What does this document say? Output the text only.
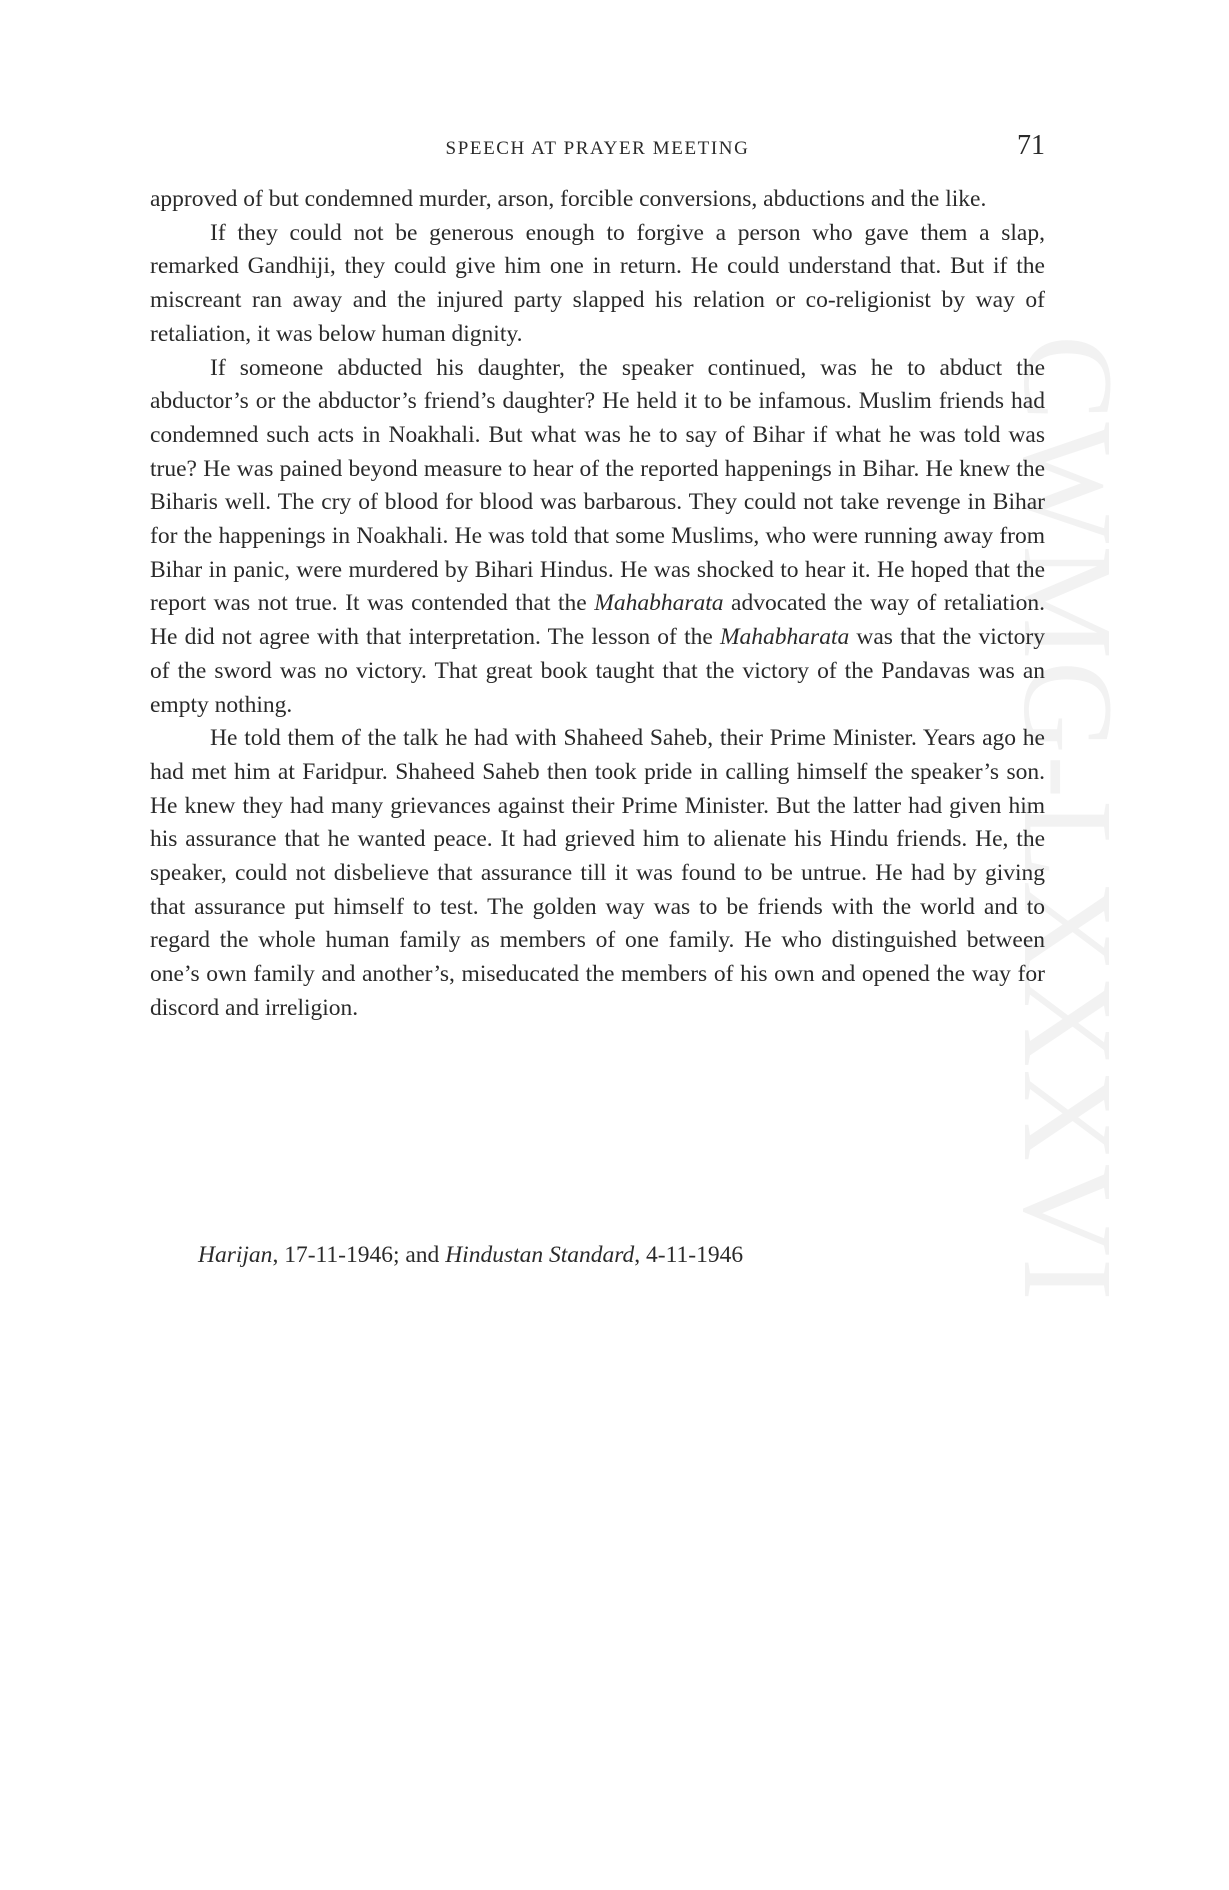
CWMG-LXXXVI
SPEECH AT PRAYER MEETING	71

approved of but condemned murder, arson, forcible conversions, abductions and the like.

If they could not be generous enough to forgive a person who gave them a slap, remarked Gandhiji, they could give him one in return. He could understand that. But if the miscreant ran away and the injured party slapped his relation or co-religionist by way of retaliation, it was below human dignity.

If someone abducted his daughter, the speaker continued, was he to abduct the abductor’s or the abductor’s friend’s daughter? He held it to be infamous. Muslim friends had condemned such acts in Noakhali. But what was he to say of Bihar if what he was told was true? He was pained beyond measure to hear of the reported happenings in Bihar. He knew the Biharis well. The cry of blood for blood was barbarous. They could not take revenge in Bihar for the happenings in Noakhali. He was told that some Muslims, who were running away from Bihar in panic, were murdered by Bihari Hindus. He was shocked to hear it. He hoped that the report was not true. It was contended that the Mahabharata advocated the way of retaliation. He did not agree with that interpretation. The lesson of the Mahabharata was that the victory of the sword was no victory. That great book taught that the victory of the Pandavas was an empty nothing.

He told them of the talk he had with Shaheed Saheb, their Prime Minister. Years ago he had met him at Faridpur. Shaheed Saheb then took pride in calling himself the speaker’s son. He knew they had many grievances against their Prime Minister. But the latter had given him his assurance that he wanted peace. It had grieved him to alienate his Hindu friends. He, the speaker, could not disbelieve that assurance till it was found to be untrue. He had by giving that assurance put himself to test. The golden way was to be friends with the world and to regard the whole human family as members of one family. He who distinguished between one’s own family and another’s, miseducated the members of his own and opened the way for discord and irreligion.

Harijan, 17-11-1946; and Hindustan Standard, 4-11-1946
